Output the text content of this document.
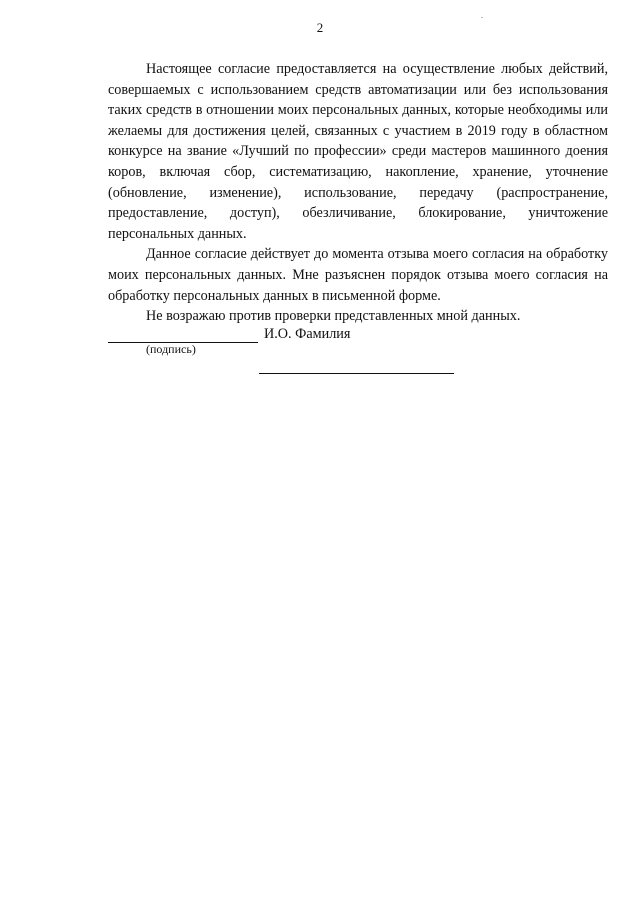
2

Настоящее согласие предоставляется на осуществление любых действий, совершаемых с использованием средств автоматизации или без использования таких средств в отношении моих персональных данных, которые необходимы или желаемы для достижения целей, связанных с участием в 2019 году в областном конкурсе на звание «Лучший по профессии» среди мастеров машинного доения коров, включая сбор, систематизацию, накопление, хранение, уточнение (обновление, изменение), использование, передачу (распространение, предоставление, доступ), обезличивание, блокирование, уничтожение персональных данных.

Данное согласие действует до момента отзыва моего согласия на обработку моих персональных данных. Мне разъяснен порядок отзыва моего согласия на обработку персональных данных в письменной форме.

Не возражаю против проверки представленных мной данных.

И.О. Фамилия
(подпись)
